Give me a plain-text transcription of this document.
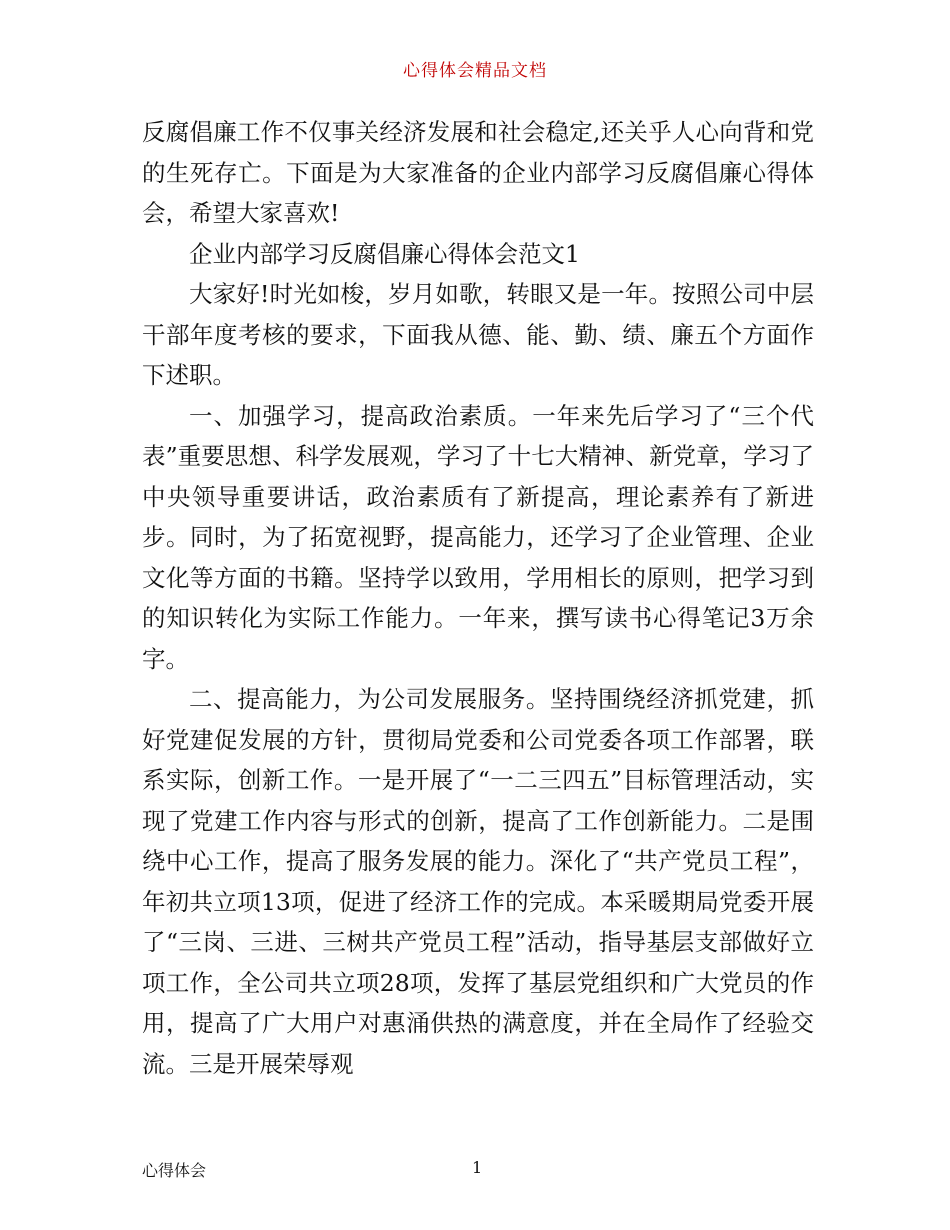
心得体会精品文档

反腐倡廉工作不仅事关经济发展和社会稳定,还关乎人心向背和党的生死存亡。下面是为大家准备的企业内部学习反腐倡廉心得体会，希望大家喜欢!

企业内部学习反腐倡廉心得体会范文1

大家好!时光如梭，岁月如歌，转眼又是一年。按照公司中层干部年度考核的要求，下面我从德、能、勤、绩、廉五个方面作下述职。

一、加强学习，提高政治素质。一年来先后学习了“三个代表”重要思想、科学发展观，学习了十七大精神、新党章，学习了中央领导重要讲话，政治素质有了新提高，理论素养有了新进步。同时，为了拓宽视野，提高能力，还学习了企业管理、企业文化等方面的书籍。坚持学以致用，学用相长的原则，把学习到的知识转化为实际工作能力。一年来，撰写读书心得笔记3万余字。

二、提高能力，为公司发展服务。坚持围绕经济抓党建，抓好党建促发展的方针，贯彻局党委和公司党委各项工作部署，联系实际，创新工作。一是开展了“一二三四五”目标管理活动，实现了党建工作内容与形式的创新，提高了工作创新能力。二是围绕中心工作，提高了服务发展的能力。深化了“共产党员工程”，年初共立项13项，促进了经济工作的完成。本采暖期局党委开展了“三岗、三进、三树共产党员工程”活动，指导基层支部做好立项工作，全公司共立项28项，发挥了基层党组织和广大党员的作用，提高了广大用户对惠涌供热的满意度，并在全局作了经验交流。三是开展荣辱观

心得体会	1
